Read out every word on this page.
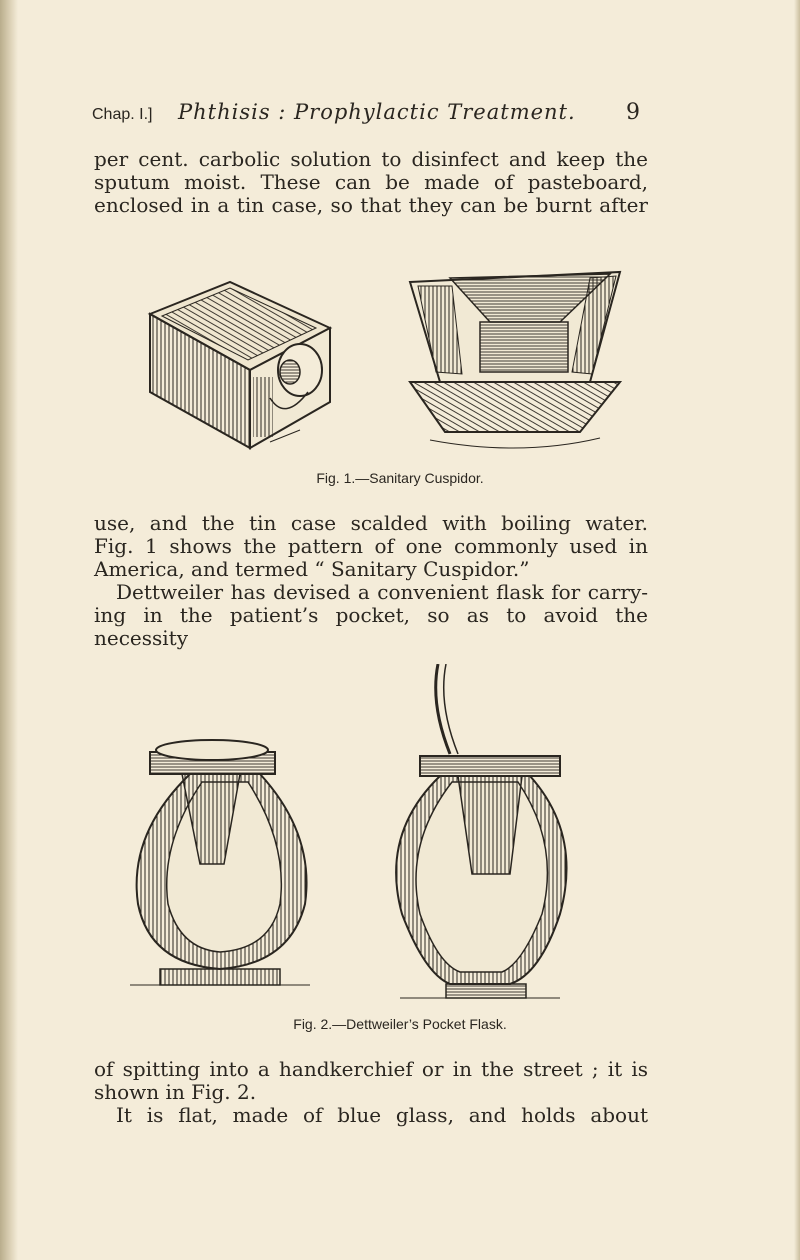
Chap. I.] Phthisis : Prophylactic Treatment. 9

per cent. carbolic solution to disinfect and keep the

sputum moist. These can be made of pasteboard,

enclosed in a tin case, so that they can be burnt after

Fig. 1.—Sanitary Cuspidor.

use, and the tin case scalded with boiling water.

Fig. 1 shows the pattern of one commonly used in

America, and termed “ Sanitary Cuspidor.”

Dettweiler has devised a convenient flask for carry-

ing in the patient’s pocket, so as to avoid the necessity

Fig. 2.—Dettweiler’s Pocket Flask.

of spitting into a handkerchief or in the street ; it is

shown in Fig. 2.

It is flat, made of blue glass, and holds about
